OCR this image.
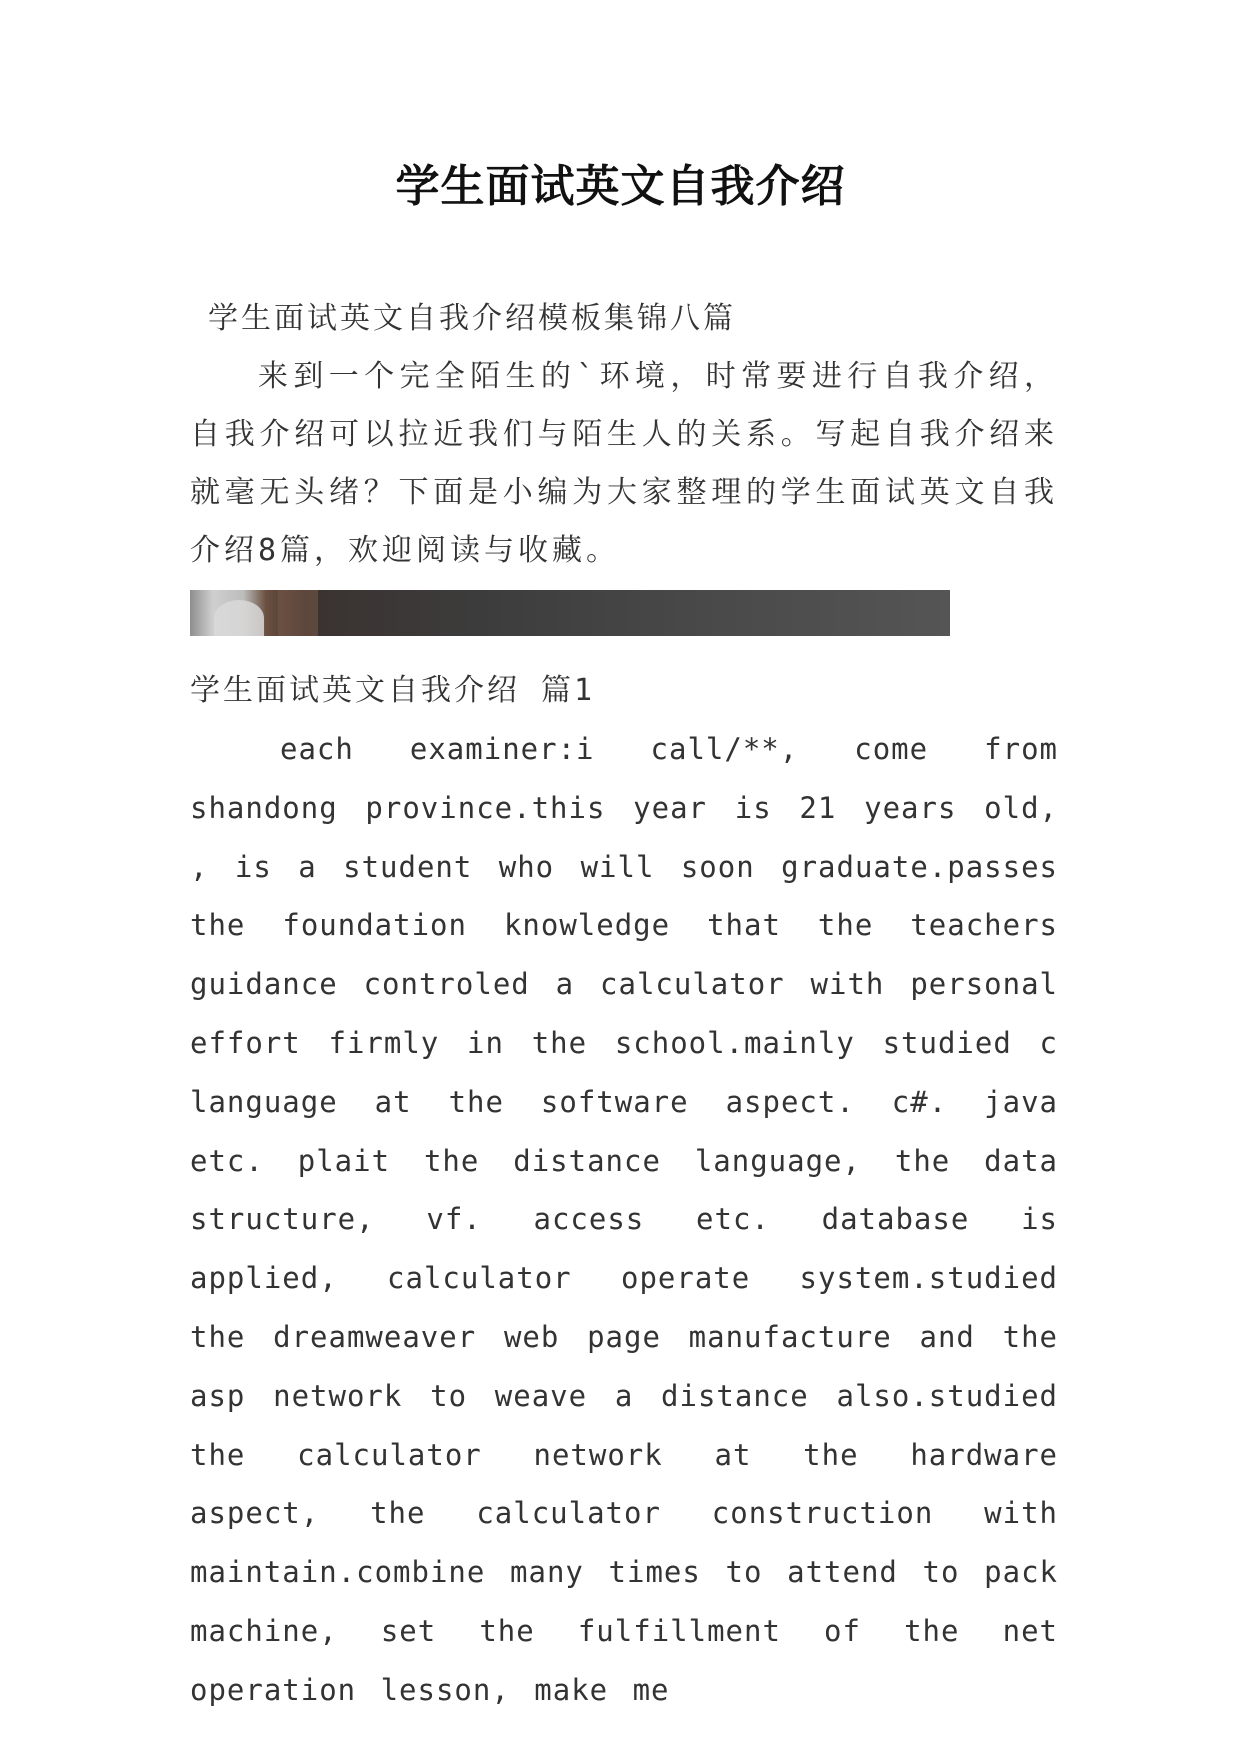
学生面试英文自我介绍
学生面试英文自我介绍模板集锦八篇

来到一个完全陌生的`环境，时常要进行自我介绍，自我介绍可以拉近我们与陌生人的关系。写起自我介绍来就毫无头绪？下面是小编为大家整理的学生面试英文自我介绍8篇，欢迎阅读与收藏。

学生面试英文自我介绍 篇1

each examiner:i call/**, come from shandong province.this year is 21 years old, , is a student who will soon graduate.passes the foundation knowledge that the teachers guidance controled a calculator with personal effort firmly in the school.mainly studied c language at the software aspect. c#. java etc. plait the distance language, the data structure, vf. access etc. database is applied, calculator operate system.studied the dreamweaver web page manufacture and the asp network to weave a distance also.studied the calculator network at the hardware aspect, the calculator construction with maintain.combine many times to attend to pack machine, set the fulfillment of the net operation lesson, make me
